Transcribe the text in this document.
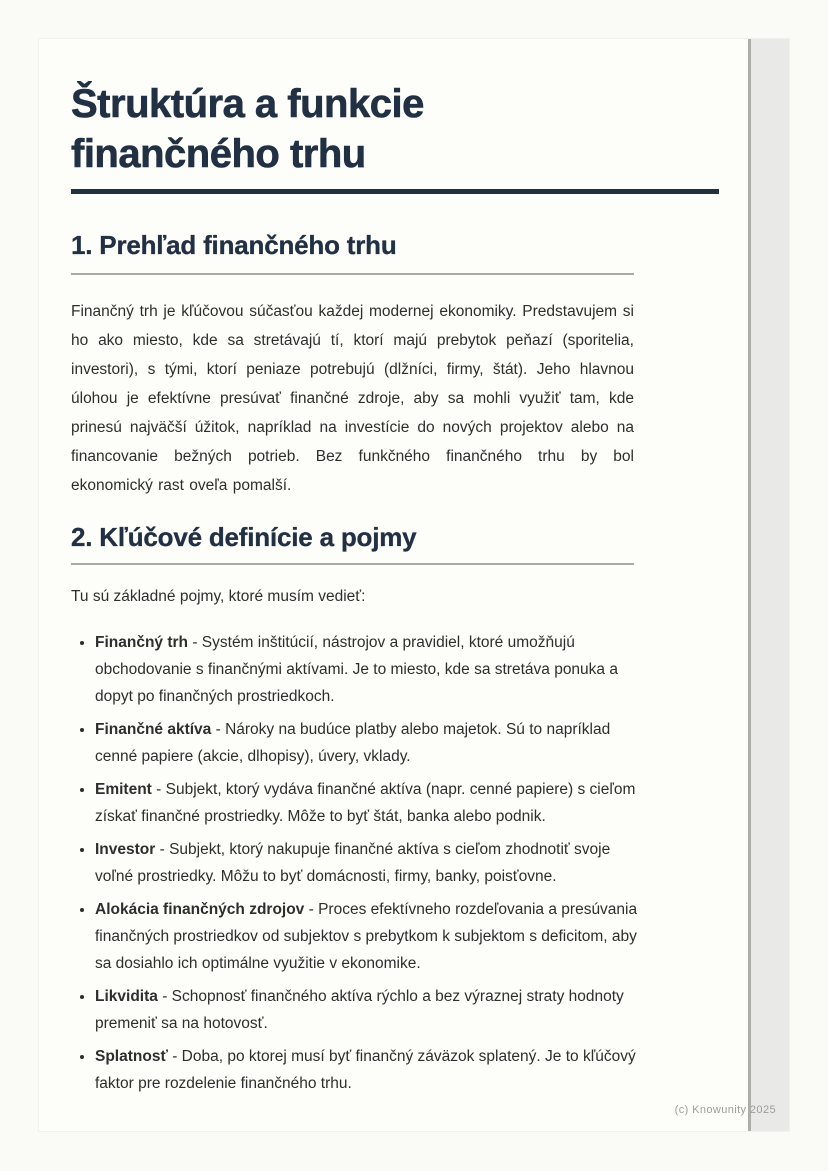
Štruktúra a funkcie finančného trhu
1. Prehľad finančného trhu

Finančný trh je kľúčovou súčasťou každej modernej ekonomiky. Predstavujem si ho ako miesto, kde sa stretávajú tí, ktorí majú prebytok peňazí (sporitelia, investori), s tými, ktorí peniaze potrebujú (dlžníci, firmy, štát). Jeho hlavnou úlohou je efektívne presúvať finančné zdroje, aby sa mohli využiť tam, kde prinesú najväčší úžitok, napríklad na investície do nových projektov alebo na financovanie bežných potrieb. Bez funkčného finančného trhu by bol ekonomický rast oveľa pomalší.

2. Kľúčové definície a pojmy

Tu sú základné pojmy, ktoré musím vedieť:

• Finančný trh - Systém inštitúcií, nástrojov a pravidiel, ktoré umožňujú obchodovanie s finančnými aktívami. Je to miesto, kde sa stretáva ponuka a dopyt po finančných prostriedkoch.
• Finančné aktíva - Nároky na budúce platby alebo majetok. Sú to napríklad cenné papiere (akcie, dlhopisy), úvery, vklady.
• Emitent - Subjekt, ktorý vydáva finančné aktíva (napr. cenné papiere) s cieľom získať finančné prostriedky. Môže to byť štát, banka alebo podnik.
• Investor - Subjekt, ktorý nakupuje finančné aktíva s cieľom zhodnotiť svoje voľné prostriedky. Môžu to byť domácnosti, firmy, banky, poisťovne.
• Alokácia finančných zdrojov - Proces efektívneho rozdeľovania a presúvania finančných prostriedkov od subjektov s prebytkom k subjektom s deficitom, aby sa dosiahlo ich optimálne využitie v ekonomike.
• Likvidita - Schopnosť finančného aktíva rýchlo a bez výraznej straty hodnoty premeniť sa na hotovosť.
• Splatnosť - Doba, po ktorej musí byť finančný záväzok splatený. Je to kľúčový faktor pre rozdelenie finančného trhu.
(c) Knowunity 2025
